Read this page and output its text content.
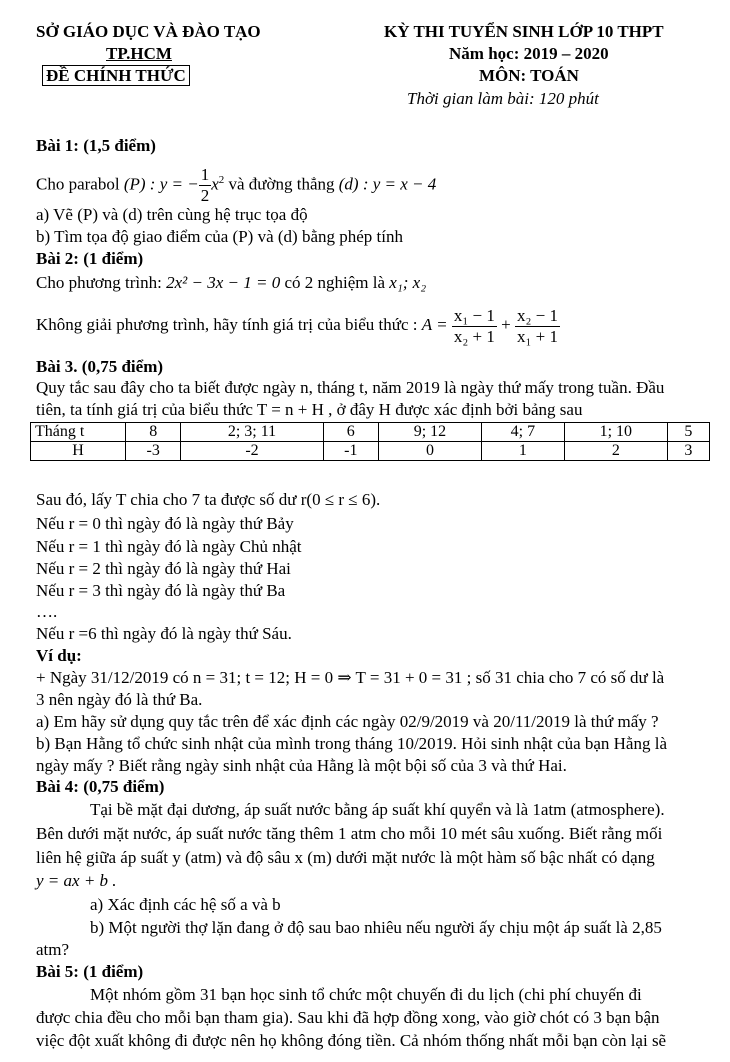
SỞ GIÁO DỤC VÀ ĐÀO TẠO
TP.HCM
ĐỀ CHÍNH THỨC
KỲ THI TUYỂN SINH LỚP 10 THPT
Năm học: 2019 – 2020
MÔN: TOÁN
Thời gian làm bài: 120 phút
Bài 1: (1,5 điểm)
Cho parabol (P) : y = − $\frac{1}{2} x^2$ và đường thẳng (d) : y = x − 4
a) Vẽ (P) và (d) trên cùng hệ trục tọa độ
b) Tìm tọa độ giao điểm của (P) và (d) bằng phép tính
Bài 2: (1 điểm)
Cho phương trình: 2x² − 3x − 1 = 0 có 2 nghiệm là x₁; x₂
Không giải phương trình, hãy tính giá trị của biểu thức : $A = \frac{\text{x₁ − 1}}{\text{x₂ + 1}} + \frac{\text{x₂ − 1}}{\text{x₁ + 1}}$
Bài 3. (0,75 điểm)
Quy tắc sau đây cho ta biết được ngày n, tháng t, năm 2019 là ngày thứ mấy trong tuần. Đầu
tiên, ta tính giá trị của biểu thức T = n + H , ở đây H được xác định bởi bảng sau
Tháng t	8	2; 3; 11	6	9; 12	4; 7	1; 10	5
H	-3	-2	-1	0	1	2	3
Sau đó, lấy T chia cho 7 ta được số dư r(0 ≤ r ≤ 6).
Nếu r = 0 thì ngày đó là ngày thứ Bảy
Nếu r = 1 thì ngày đó là ngày Chủ nhật
Nếu r = 2 thì ngày đó là ngày thứ Hai
Nếu r = 3 thì ngày đó là ngày thứ Ba
….
Nếu r =6 thì ngày đó là ngày thứ Sáu.
Ví dụ:
+ Ngày 31/12/2019 có n = 31; t = 12; H = 0 ⇒ T = 31 + 0 = 31 ; số 31 chia cho 7 có số dư là
3 nên ngày đó là thứ Ba.
a) Em hãy sử dụng quy tắc trên để xác định các ngày 02/9/2019 và 20/11/2019 là thứ mấy ?
b) Bạn Hằng tổ chức sinh nhật của mình trong tháng 10/2019. Hỏi sinh nhật của bạn Hằng là
ngày mấy ? Biết rằng ngày sinh nhật của Hằng là một bội số của 3 và thứ Hai.
Bài 4: (0,75 điểm)
Tại bề mặt đại dương, áp suất nước bằng áp suất khí quyển và là 1atm (atmosphere).
Bên dưới mặt nước, áp suất nước tăng thêm 1 atm cho mỗi 10 mét sâu xuống. Biết rằng mối
liên hệ giữa áp suất y (atm) và độ sâu x (m) dưới mặt nước là một hàm số bậc nhất có dạng
y = ax + b .
a) Xác định các hệ số a và b
b) Một người thợ lặn đang ở độ sau bao nhiêu nếu người ấy chịu một áp suất là 2,85
atm?
Bài 5: (1 điểm)
Một nhóm gồm 31 bạn học sinh tổ chức một chuyến đi du lịch (chi phí chuyến đi
được chia đều cho mỗi bạn tham gia). Sau khi đã hợp đồng xong, vào giờ chót có 3 bạn bận
việc đột xuất không đi được nên họ không đóng tiền. Cả nhóm thống nhất mỗi bạn còn lại sẽ
